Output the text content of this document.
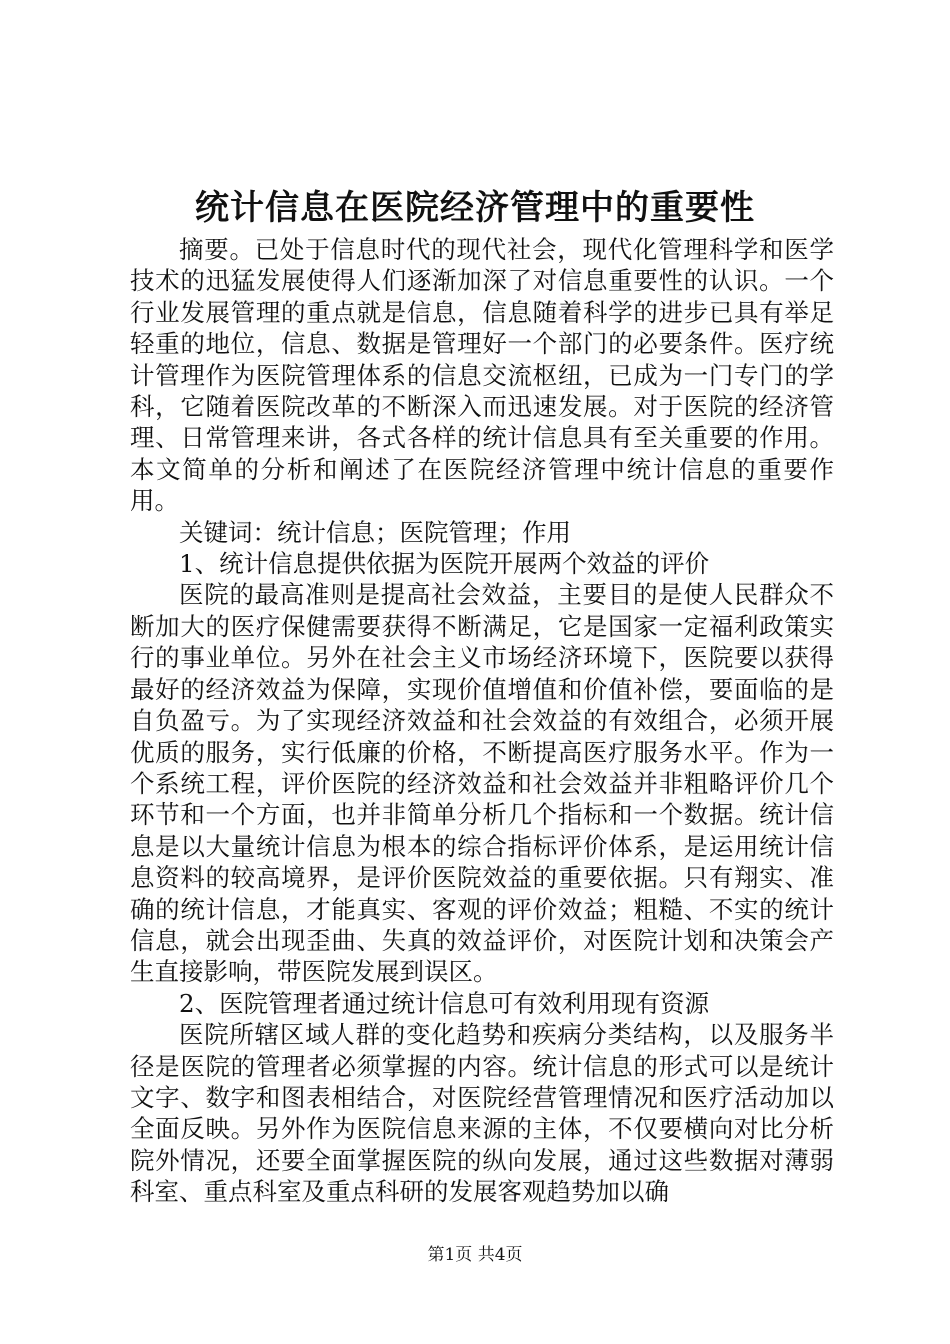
统计信息在医院经济管理中的重要性

摘要。已处于信息时代的现代社会，现代化管理科学和医学技术的迅猛发展使得人们逐渐加深了对信息重要性的认识。一个行业发展管理的重点就是信息，信息随着科学的进步已具有举足轻重的地位，信息、数据是管理好一个部门的必要条件。医疗统计管理作为医院管理体系的信息交流枢纽，已成为一门专门的学科，它随着医院改革的不断深入而迅速发展。对于医院的经济管理、日常管理来讲，各式各样的统计信息具有至关重要的作用。本文简单的分析和阐述了在医院经济管理中统计信息的重要作用。

关键词：统计信息；医院管理；作用

1、统计信息提供依据为医院开展两个效益的评价

医院的最高准则是提高社会效益，主要目的是使人民群众不断加大的医疗保健需要获得不断满足，它是国家一定福利政策实行的事业单位。另外在社会主义市场经济环境下，医院要以获得最好的经济效益为保障，实现价值增值和价值补偿，要面临的是自负盈亏。为了实现经济效益和社会效益的有效组合，必须开展优质的服务，实行低廉的价格，不断提高医疗服务水平。作为一个系统工程，评价医院的经济效益和社会效益并非粗略评价几个环节和一个方面，也并非简单分析几个指标和一个数据。统计信息是以大量统计信息为根本的综合指标评价体系，是运用统计信息资料的较高境界，是评价医院效益的重要依据。只有翔实、准确的统计信息，才能真实、客观的评价效益；粗糙、不实的统计信息，就会出现歪曲、失真的效益评价，对医院计划和决策会产生直接影响，带医院发展到误区。

2、医院管理者通过统计信息可有效利用现有资源

医院所辖区域人群的变化趋势和疾病分类结构，以及服务半径是医院的管理者必须掌握的内容。统计信息的形式可以是统计文字、数字和图表相结合，对医院经营管理情况和医疗活动加以全面反映。另外作为医院信息来源的主体，不仅要横向对比分析院外情况，还要全面掌握医院的纵向发展，通过这些数据对薄弱科室、重点科室及重点科研的发展客观趋势加以确

第1页 共4页
